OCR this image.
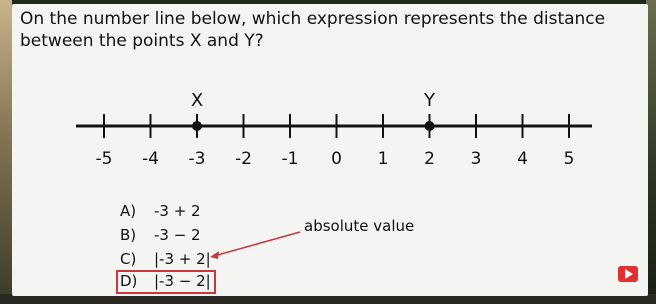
On the number line below, which expression represents the distance between the points X and Y?
-5 -4 -3 -2 -1 0 1 2 3 4 5
X	Y
A) -3 + 2
B) -3 − 2
C) |-3 + 2|
D) |-3 − 2|
absolute value
